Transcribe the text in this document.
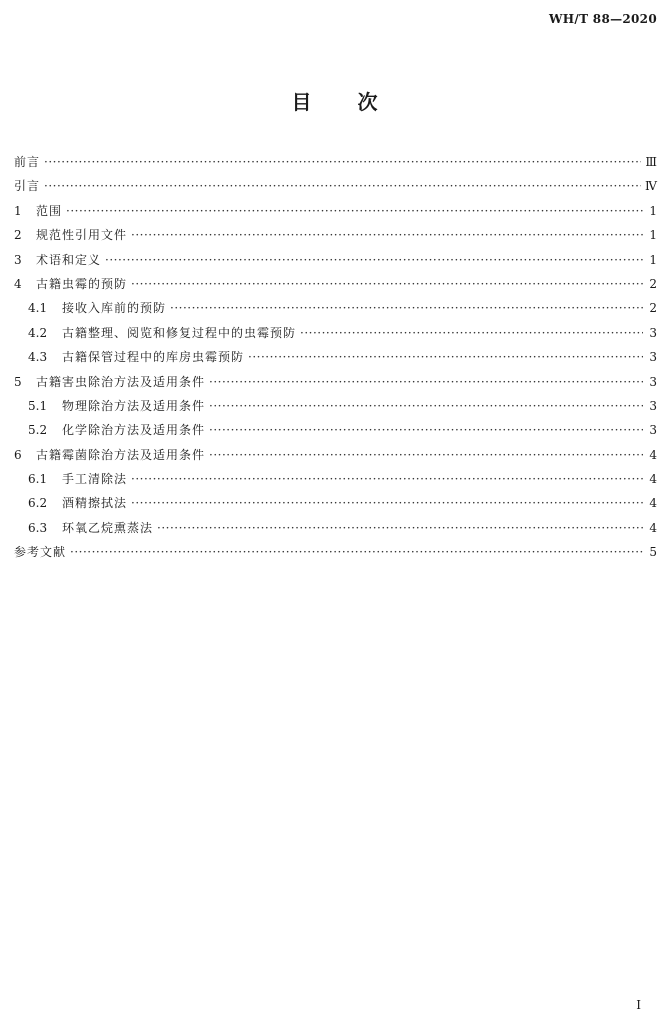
WH/T 88—2020
目 次
前言 ·····	Ⅲ
引言 ·····	Ⅳ
1	范围 ·····	1
2	规范性引用文件 ·····	1
3	术语和定义 ·····	1
4	古籍虫霉的预防 ·····	2
4.1	接收入库前的预防 ·····	2
4.2	古籍整理、阅览和修复过程中的虫霉预防 ·····	3
4.3	古籍保管过程中的库房虫霉预防 ·····	3
5	古籍害虫除治方法及适用条件 ·····	3
5.1	物理除治方法及适用条件 ·····	3
5.2	化学除治方法及适用条件 ·····	3
6	古籍霉菌除治方法及适用条件 ·····	4
6.1	手工清除法 ·····	4
6.2	酒精擦拭法 ·····	4
6.3	环氧乙烷熏蒸法 ·····	4
参考文献 ·····	5
I
